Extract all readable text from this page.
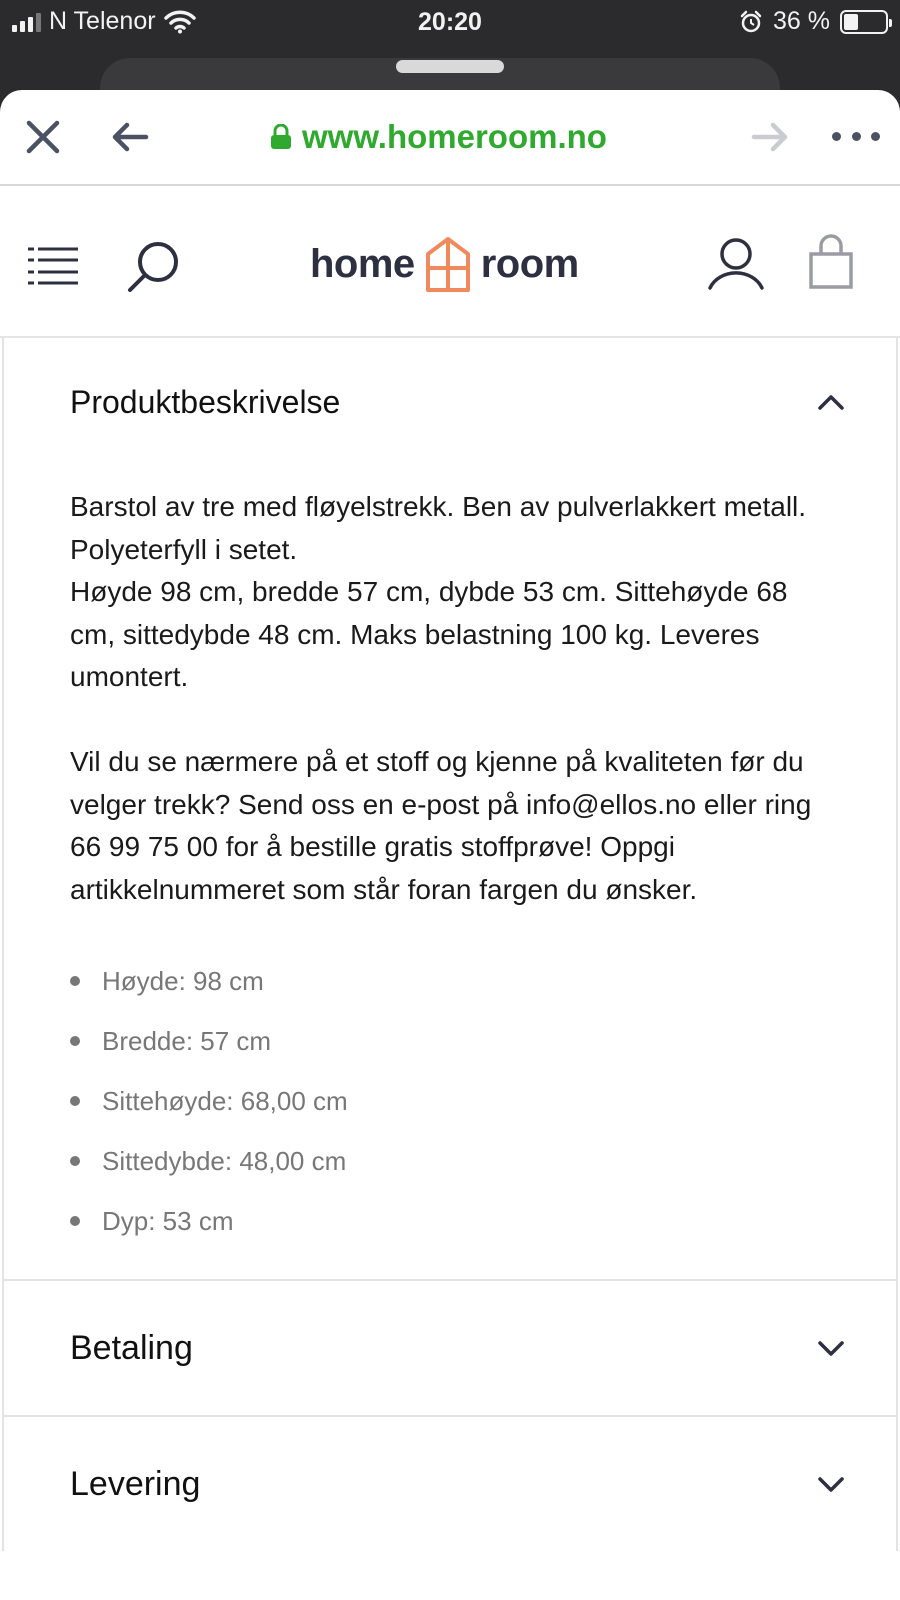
N Telenor	20:20	36 %
www.homeroom.no
home room
Produktbeskrivelse

Barstol av tre med fløyelstrekk. Ben av pulverlakkert metall. Polyeterfyll i setet.
Høyde 98 cm, bredde 57 cm, dybde 53 cm. Sittehøyde 68 cm, sittedybde 48 cm. Maks belastning 100 kg. Leveres umontert.

Vil du se nærmere på et stoff og kjenne på kvaliteten før du velger trekk? Send oss en e-post på info@ellos.no eller ring 66 99 75 00 for å bestille gratis stoffprøve! Oppgi artikkelnummeret som står foran fargen du ønsker.

Høyde: 98 cm
Bredde: 57 cm
Sittehøyde: 68,00 cm
Sittedybde: 48,00 cm
Dyp: 53 cm
Betaling
Levering
